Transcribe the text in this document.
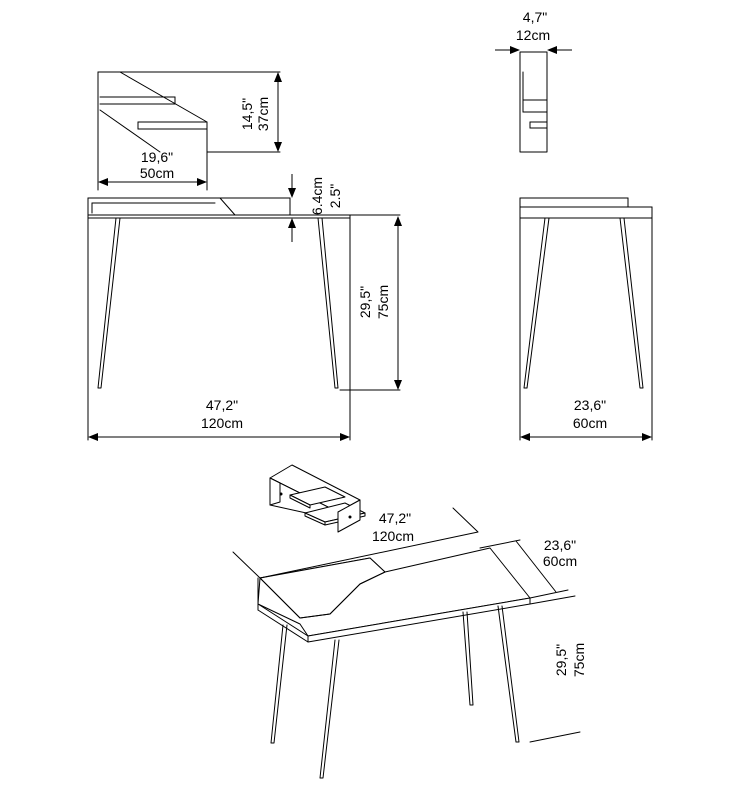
14,5" 37cm
19,6"
50cm
4,7"
12cm
6.4cm 2.5"
29,5" 75cm
47,2"
120cm
23,6"
60cm
47,2"
120cm
23,6"
60cm
29,5" 75cm
